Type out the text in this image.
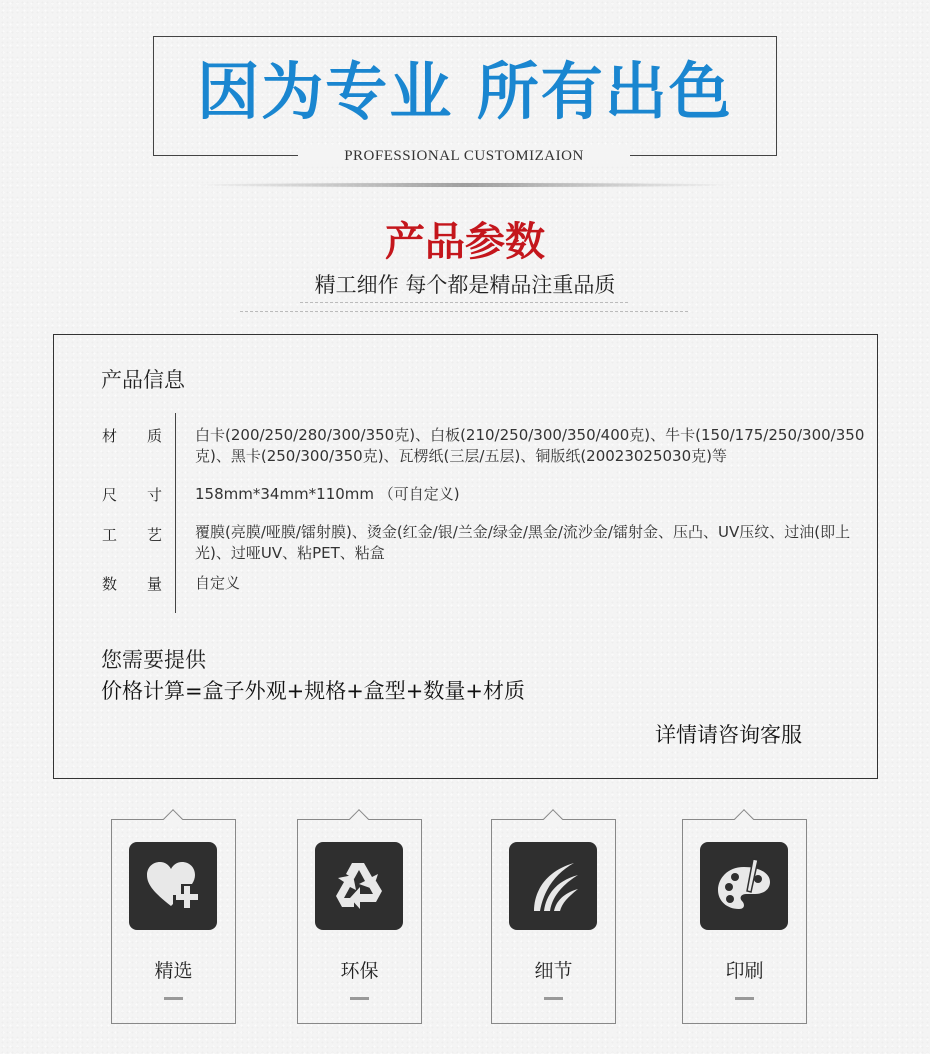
因为专业 所有出色
PROFESSIONAL CUSTOMIZAION
产品参数
精工细作 每个都是精品注重品质
产品信息
材质 白卡(200/250/280/300/350克)、白板(210/250/300/350/400克)、牛卡(150/175/250/300/350克)、黑卡(250/300/350克)、瓦楞纸(三层/五层)、铜版纸(20023025030克)等
尺寸 158mm*34mm*110mm （可自定义)
工艺 覆膜(亮膜/哑膜/镭射膜)、烫金(红金/银/兰金/绿金/黑金/流沙金/镭射金、压凸、UV压纹、过油(即上光)、过哑UV、粘PET、粘盒
数量 自定义
您需要提供
价格计算=盒子外观+规格+盒型+数量+材质
详情请咨询客服
精选	环保	细节	印刷
